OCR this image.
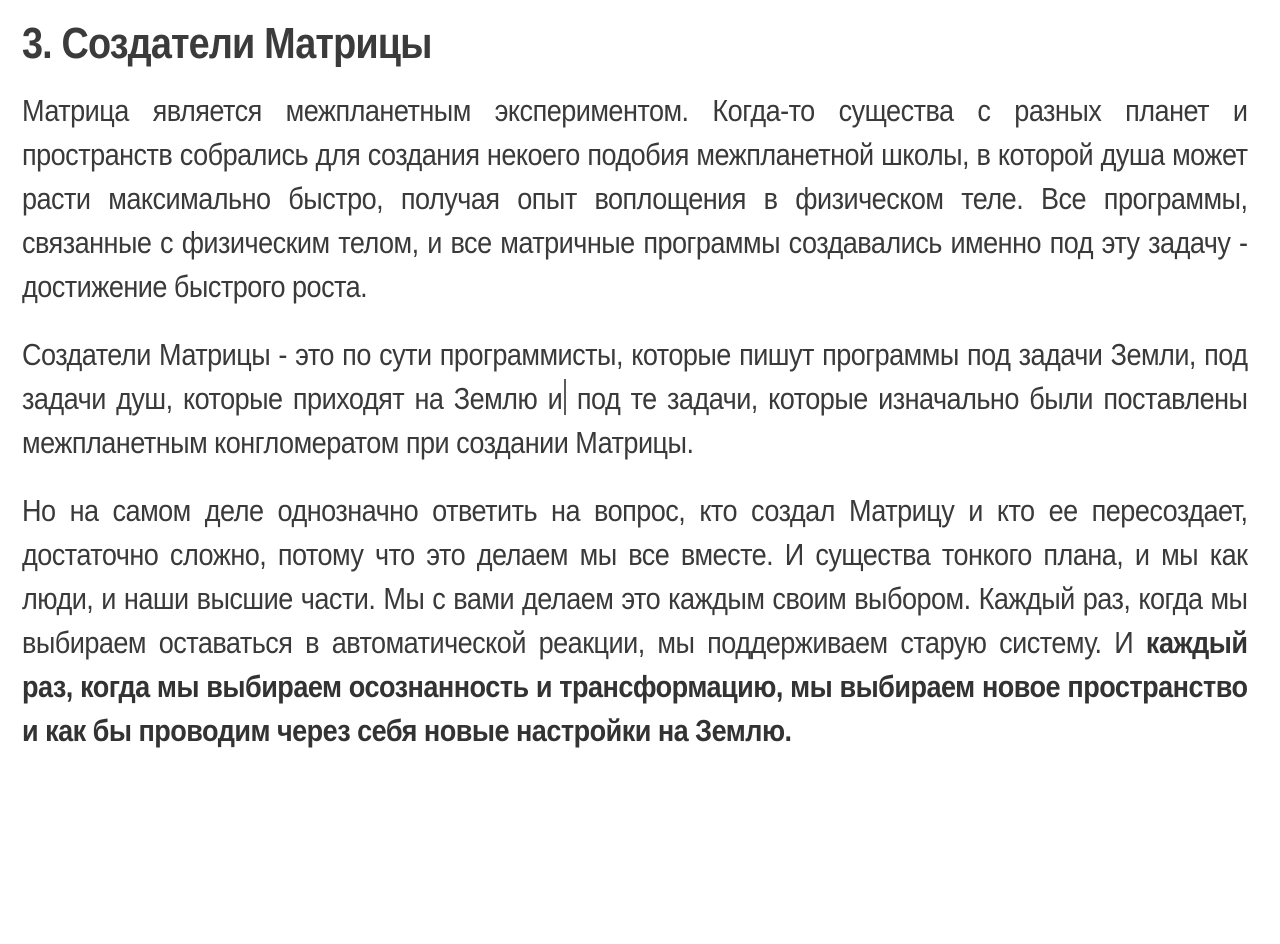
3. Создатели Матрицы

Матрица является межпланетным экспериментом. Когда-то существа с разных планет и пространств собрались для создания некоего подобия межпланетной школы, в которой душа может расти максимально быстро, получая опыт воплощения в физическом теле. Все программы, связанные с физическим телом, и все матричные программы создавались именно под эту задачу - достижение быстрого роста.

Создатели Матрицы - это по сути программисты, которые пишут программы под задачи Земли, под задачи душ, которые приходят на Землю и под те задачи, которые изначально были поставлены межпланетным конгломератом при создании Матрицы.

Но на самом деле однозначно ответить на вопрос, кто создал Матрицу и кто ее пересоздает, достаточно сложно, потому что это делаем мы все вместе. И существа тонкого плана, и мы как люди, и наши высшие части. Мы с вами делаем это каждым своим выбором. Каждый раз, когда мы выбираем оставаться в автоматической реакции, мы поддерживаем старую систему. И каждый раз, когда мы выбираем осознанность и трансформацию, мы выбираем новое пространство и как бы проводим через себя новые настройки на Землю.
